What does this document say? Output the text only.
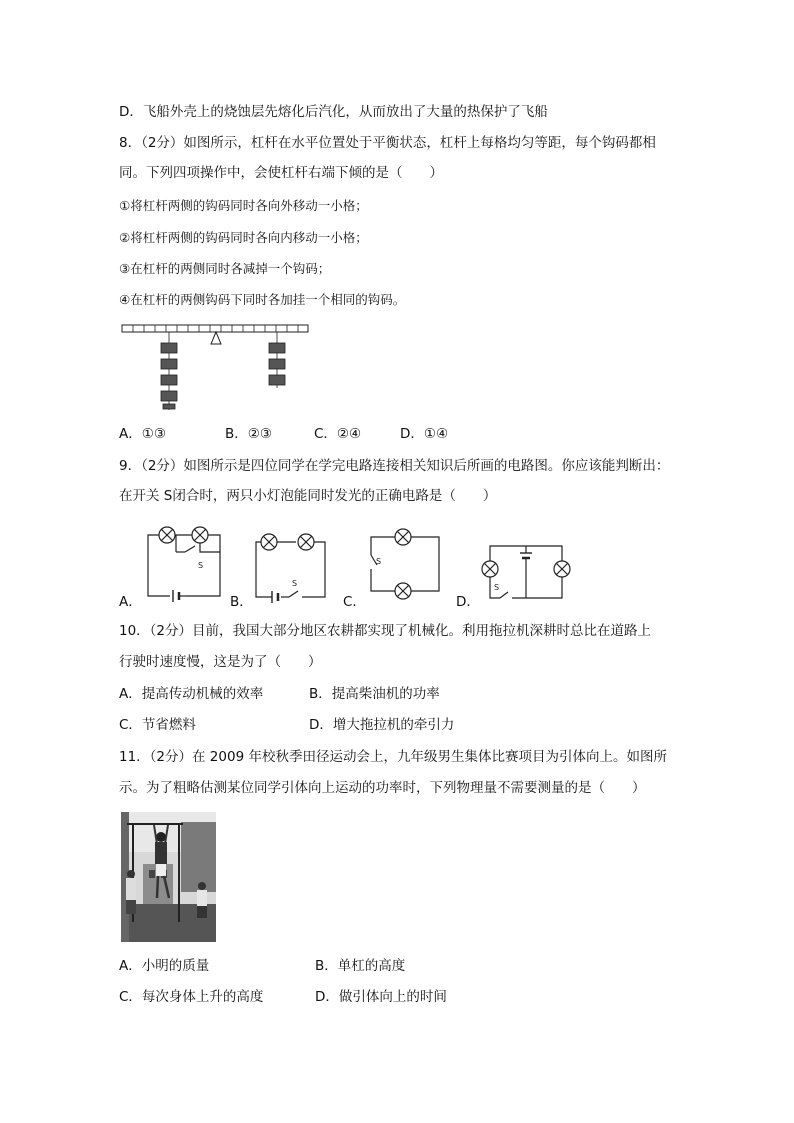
D．飞船外壳上的烧蚀层先熔化后汽化，从而放出了大量的热保护了飞船
8．（2分）如图所示，杠杆在水平位置处于平衡状态，杠杆上每格均匀等距，每个钩码都相
同。下列四项操作中，会使杠杆右端下倾的是（　　）
①将杠杆两侧的钩码同时各向外移动一小格；
②将杠杆两侧的钩码同时各向内移动一小格；
③在杠杆的两侧同时各减掉一个钩码；
④在杠杆的两侧钩码下同时各加挂一个相同的钩码。
A．①③	B．②③	C．②④	D．①④
9．（2分）如图所示是四位同学在学完电路连接相关知识后所画的电路图。你应该能判断出：
在开关 S闭合时，两只小灯泡能同时发光的正确电路是（　　）
A．
S
B．
S
C．
S
D．
S
10．（2分）目前，我国大部分地区农耕都实现了机械化。利用拖拉机深耕时总比在道路上
行驶时速度慢，这是为了（　　）
A．提高传动机械的效率	B．提高柴油机的功率
C．节省燃料	D．增大拖拉机的牵引力
11．（2分）在 2009 年校秋季田径运动会上，九年级男生集体比赛项目为引体向上。如图所
示。为了粗略估测某位同学引体向上运动的功率时，下列物理量不需要测量的是（　　）
A．小明的质量	B．单杠的高度
C．每次身体上升的高度	D．做引体向上的时间
